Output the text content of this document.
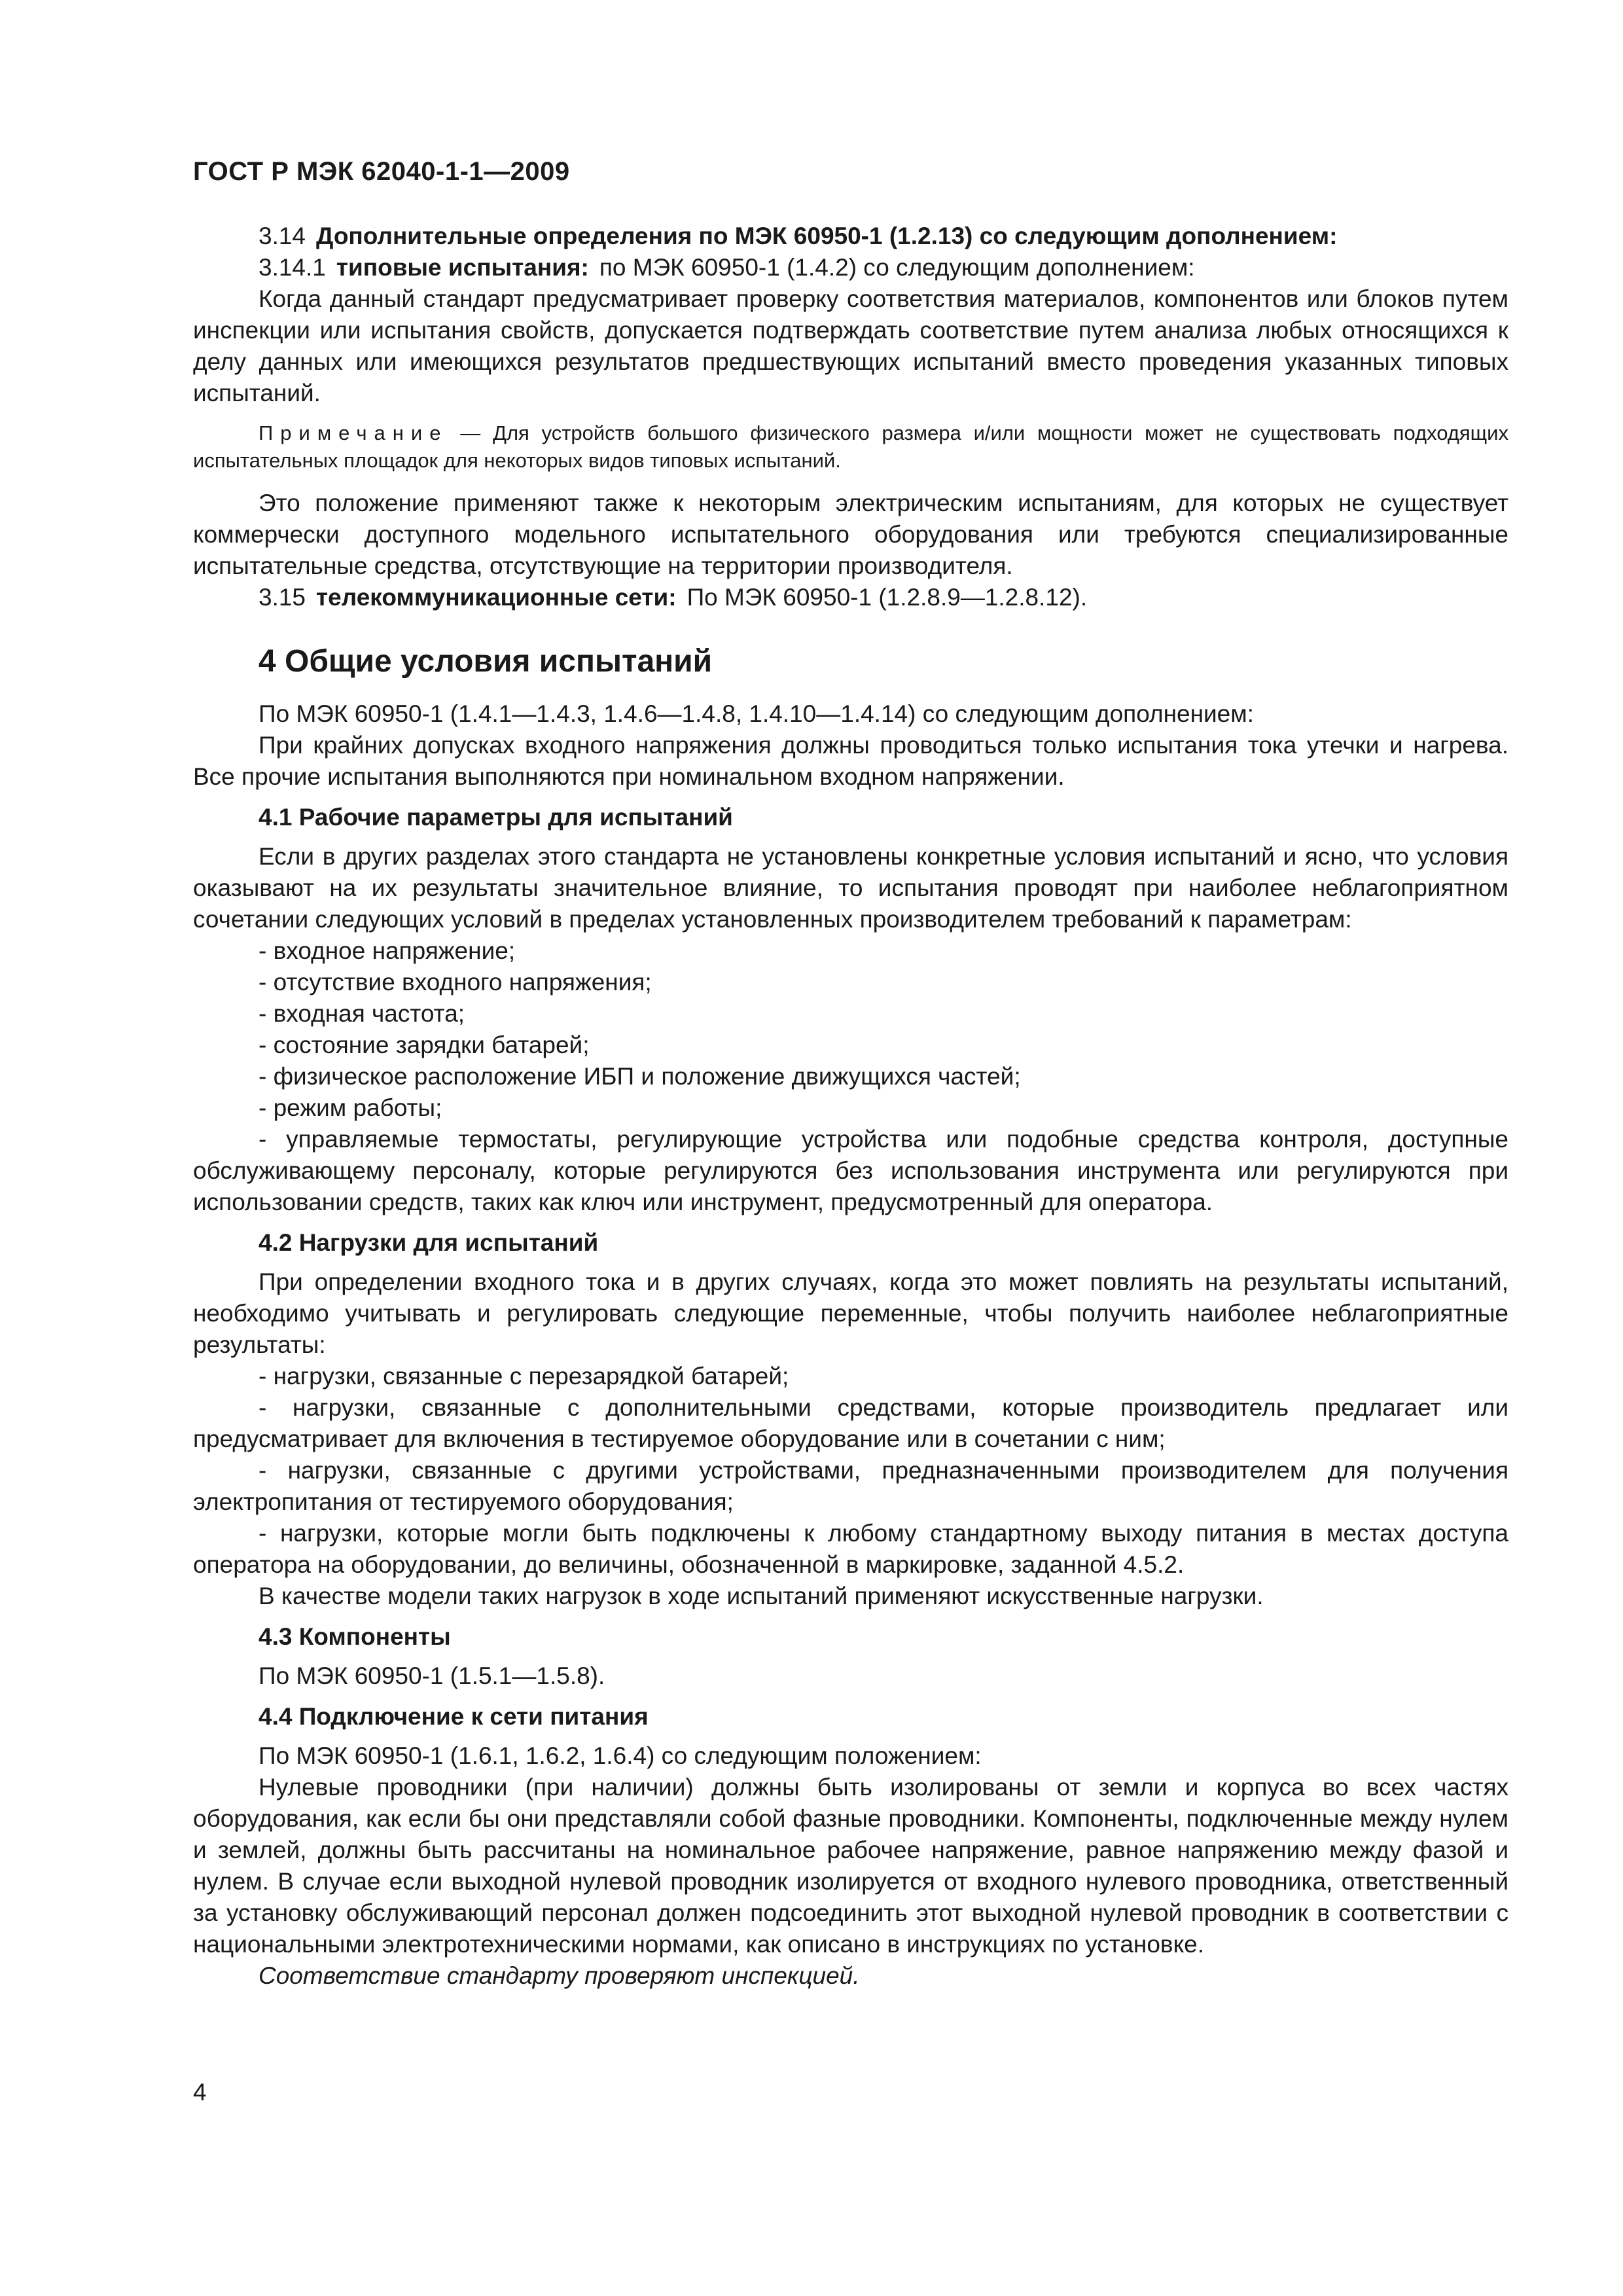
ГОСТ Р МЭК 62040-1-1—2009

3.14 Дополнительные определения по МЭК 60950-1 (1.2.13) со следующим дополнением:

3.14.1 типовые испытания: по МЭК 60950-1 (1.4.2) со следующим дополнением:

Когда данный стандарт предусматривает проверку соответствия материалов, компонентов или блоков путем инспекции или испытания свойств, допускается подтверждать соответствие путем анализа любых относящихся к делу данных или имеющихся результатов предшествующих испытаний вместо проведения указанных типовых испытаний.

Примечание — Для устройств большого физического размера и/или мощности может не существовать подходящих испытательных площадок для некоторых видов типовых испытаний.

Это положение применяют также к некоторым электрическим испытаниям, для которых не существует коммерчески доступного модельного испытательного оборудования или требуются специализированные испытательные средства, отсутствующие на территории производителя.

3.15 телекоммуникационные сети: По МЭК 60950-1 (1.2.8.9—1.2.8.12).

4 Общие условия испытаний

По МЭК 60950-1 (1.4.1—1.4.3, 1.4.6—1.4.8, 1.4.10—1.4.14) со следующим дополнением:

При крайних допусках входного напряжения должны проводиться только испытания тока утечки и нагрева. Все прочие испытания выполняются при номинальном входном напряжении.

4.1 Рабочие параметры для испытаний

Если в других разделах этого стандарта не установлены конкретные условия испытаний и ясно, что условия оказывают на их результаты значительное влияние, то испытания проводят при наиболее неблагоприятном сочетании следующих условий в пределах установленных производителем требований к параметрам:

- входное напряжение;
- отсутствие входного напряжения;
- входная частота;
- состояние зарядки батарей;
- физическое расположение ИБП и положение движущихся частей;
- режим работы;
- управляемые термостаты, регулирующие устройства или подобные средства контроля, доступные обслуживающему персоналу, которые регулируются без использования инструмента или регулируются при использовании средств, таких как ключ или инструмент, предусмотренный для оператора.
4.2 Нагрузки для испытаний

При определении входного тока и в других случаях, когда это может повлиять на результаты испытаний, необходимо учитывать и регулировать следующие переменные, чтобы получить наиболее неблагоприятные результаты:

- нагрузки, связанные с перезарядкой батарей;
- нагрузки, связанные с дополнительными средствами, которые производитель предлагает или предусматривает для включения в тестируемое оборудование или в сочетании с ним;
- нагрузки, связанные с другими устройствами, предназначенными производителем для получения электропитания от тестируемого оборудования;
- нагрузки, которые могли быть подключены к любому стандартному выходу питания в местах доступа оператора на оборудовании, до величины, обозначенной в маркировке, заданной 4.5.2.

В качестве модели таких нагрузок в ходе испытаний применяют искусственные нагрузки.

4.3 Компоненты

По МЭК 60950-1 (1.5.1—1.5.8).

4.4 Подключение к сети питания

По МЭК 60950-1 (1.6.1, 1.6.2, 1.6.4) со следующим положением:

Нулевые проводники (при наличии) должны быть изолированы от земли и корпуса во всех частях оборудования, как если бы они представляли собой фазные проводники. Компоненты, подключенные между нулем и землей, должны быть рассчитаны на номинальное рабочее напряжение, равное напряжению между фазой и нулем. В случае если выходной нулевой проводник изолируется от входного нулевого проводника, ответственный за установку обслуживающий персонал должен подсоединить этот выходной нулевой проводник в соответствии с национальными электротехническими нормами, как описано в инструкциях по установке.

Соответствие стандарту проверяют инспекцией.

4
